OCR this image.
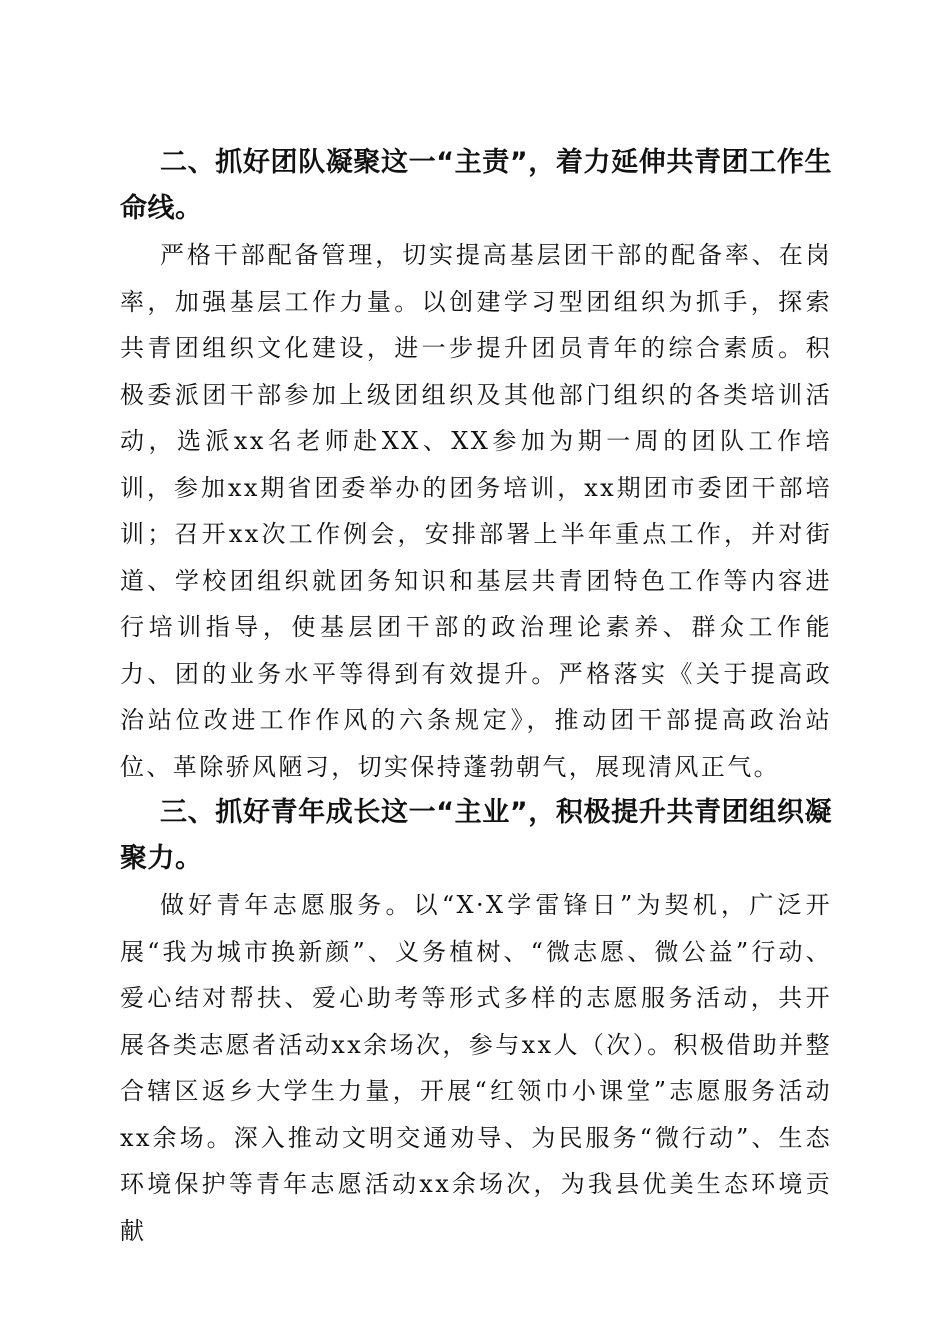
二、抓好团队凝聚这一“主责”，着力延伸共青团工作生命线。

严格干部配备管理，切实提高基层团干部的配备率、在岗率，加强基层工作力量。以创建学习型团组织为抓手，探索共青团组织文化建设，进一步提升团员青年的综合素质。积极委派团干部参加上级团组织及其他部门组织的各类培训活动，选派xx名老师赴XX、XX参加为期一周的团队工作培训，参加xx期省团委举办的团务培训，xx期团市委团干部培训；召开xx次工作例会，安排部署上半年重点工作，并对街道、学校团组织就团务知识和基层共青团特色工作等内容进行培训指导，使基层团干部的政治理论素养、群众工作能力、团的业务水平等得到有效提升。严格落实《关于提高政治站位改进工作作风的六条规定》，推动团干部提高政治站位、革除骄风陋习，切实保持蓬勃朝气，展现清风正气。

三、抓好青年成长这一“主业”，积极提升共青团组织凝聚力。

做好青年志愿服务。以“X·X学雷锋日”为契机，广泛开展“我为城市换新颜”、义务植树、“微志愿、微公益”行动、爱心结对帮扶、爱心助考等形式多样的志愿服务活动，共开展各类志愿者活动xx余场次，参与xx人（次）。积极借助并整合辖区返乡大学生力量，开展“红领巾小课堂”志愿服务活动xx余场。深入推动文明交通劝导、为民服务“微行动”、生态环境保护等青年志愿活动xx余场次，为我县优美生态环境贡献
